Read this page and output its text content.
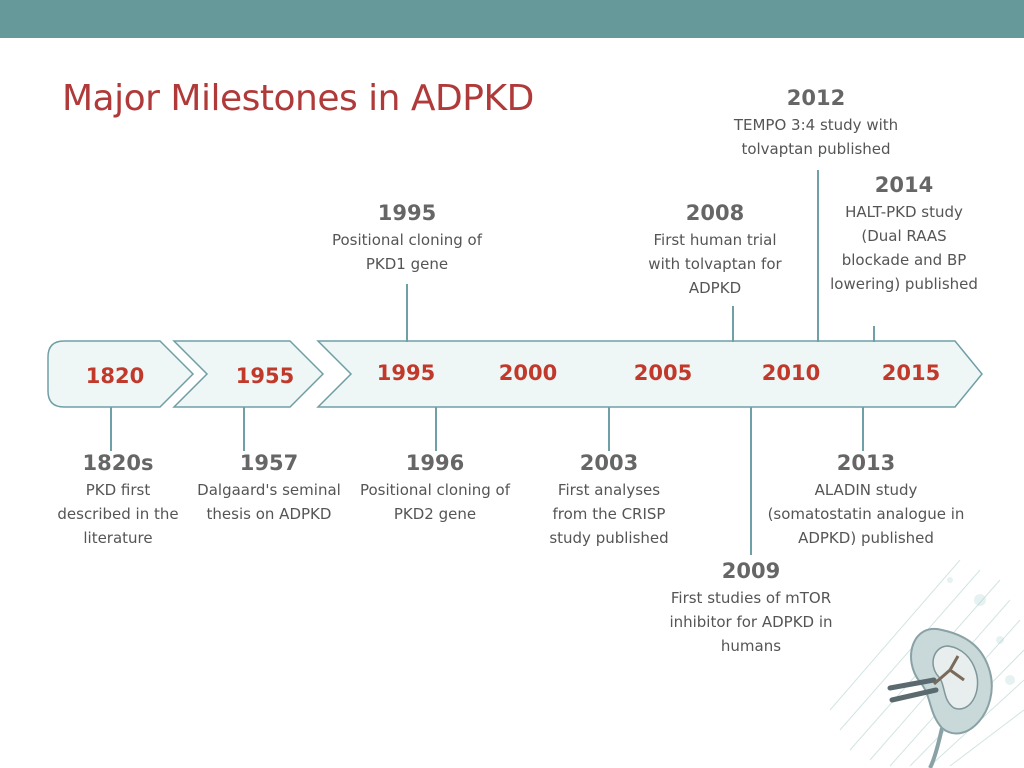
Major Milestones in ADPKD
1820	1955	1995	2000	2005	2010	2015
1995
Positional cloning of PKD1 gene
2008
First human trial with tolvaptan for ADPKD
2012
TEMPO 3:4 study with tolvaptan published
2014
HALT-PKD study (Dual RAAS blockade and BP lowering) published
1820s
PKD first described in the literature
1957
Dalgaard's seminal thesis on ADPKD
1996
Positional cloning of PKD2 gene
2003
First analyses from the CRISP study published
2009
First studies of mTOR inhibitor for ADPKD in humans
2013
ALADIN study (somatostatin analogue in ADPKD) published
